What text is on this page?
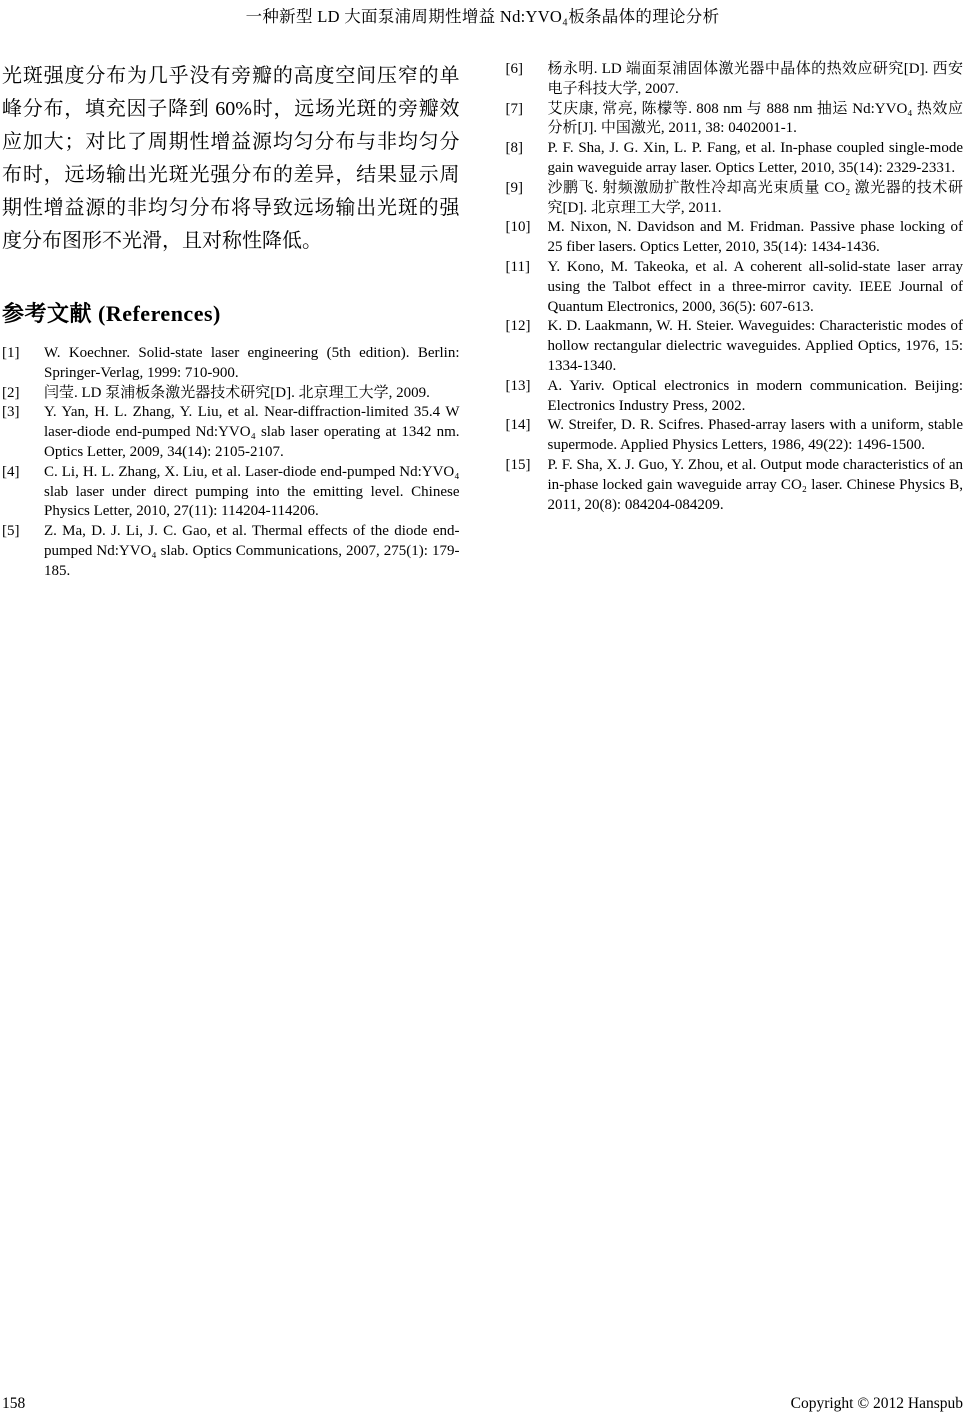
一种新型 LD 大面泵浦周期性增益 Nd:YVO₄板条晶体的理论分析

光斑强度分布为几乎没有旁瓣的高度空间压窄的单峰分布，填充因子降到 60%时，远场光斑的旁瓣效应加大；对比了周期性增益源均匀分布与非均匀分布时，远场输出光斑光强分布的差异，结果显示周期性增益源的非均匀分布将导致远场输出光斑的强度分布图形不光滑，且对称性降低。

参考文献 (References)
[1] W. Koechner. Solid-state laser engineering (5th edition). Berlin: Springer-Verlag, 1999: 710-900.
[2] 闫莹. LD 泵浦板条激光器技术研究[D]. 北京理工大学, 2009.
[3] Y. Yan, H. L. Zhang, Y. Liu, et al. Near-diffraction-limited 35.4 W laser-diode end-pumped Nd:YVO₄ slab laser operating at 1342 nm. Optics Letter, 2009, 34(14): 2105-2107.
[4] C. Li, H. L. Zhang, X. Liu, et al. Laser-diode end-pumped Nd:YVO₄ slab laser under direct pumping into the emitting level. Chinese Physics Letter, 2010, 27(11): 114204-114206.
[5] Z. Ma, D. J. Li, J. C. Gao, et al. Thermal effects of the diode end-pumped Nd:YVO₄ slab. Optics Communications, 2007, 275(1): 179-185.
[6] 杨永明. LD 端面泵浦固体激光器中晶体的热效应研究[D]. 西安电子科技大学, 2007.
[7] 艾庆康, 常亮, 陈檬等. 808 nm 与 888 nm 抽运 Nd:YVO₄ 热效应分析[J]. 中国激光, 2011, 38: 0402001-1.
[8] P. F. Sha, J. G. Xin, L. P. Fang, et al. In-phase coupled single-mode gain waveguide array laser. Optics Letter, 2010, 35(14): 2329-2331.
[9] 沙鹏飞. 射频激励扩散性冷却高光束质量 CO₂ 激光器的技术研究[D]. 北京理工大学, 2011.
[10] M. Nixon, N. Davidson and M. Fridman. Passive phase locking of 25 fiber lasers. Optics Letter, 2010, 35(14): 1434-1436.
[11] Y. Kono, M. Takeoka, et al. A coherent all-solid-state laser array using the Talbot effect in a three-mirror cavity. IEEE Journal of Quantum Electronics, 2000, 36(5): 607-613.
[12] K. D. Laakmann, W. H. Steier. Waveguides: Characteristic modes of hollow rectangular dielectric waveguides. Applied Optics, 1976, 15: 1334-1340.
[13] A. Yariv. Optical electronics in modern communication. Beijing: Electronics Industry Press, 2002.
[14] W. Streifer, D. R. Scifres. Phased-array lasers with a uniform, stable supermode. Applied Physics Letters, 1986, 49(22): 1496-1500.
[15] P. F. Sha, X. J. Guo, Y. Zhou, et al. Output mode characteristics of an in-phase locked gain waveguide array CO₂ laser. Chinese Physics B, 2011, 20(8): 084204-084209.
158	Copyright © 2012 Hanspub
